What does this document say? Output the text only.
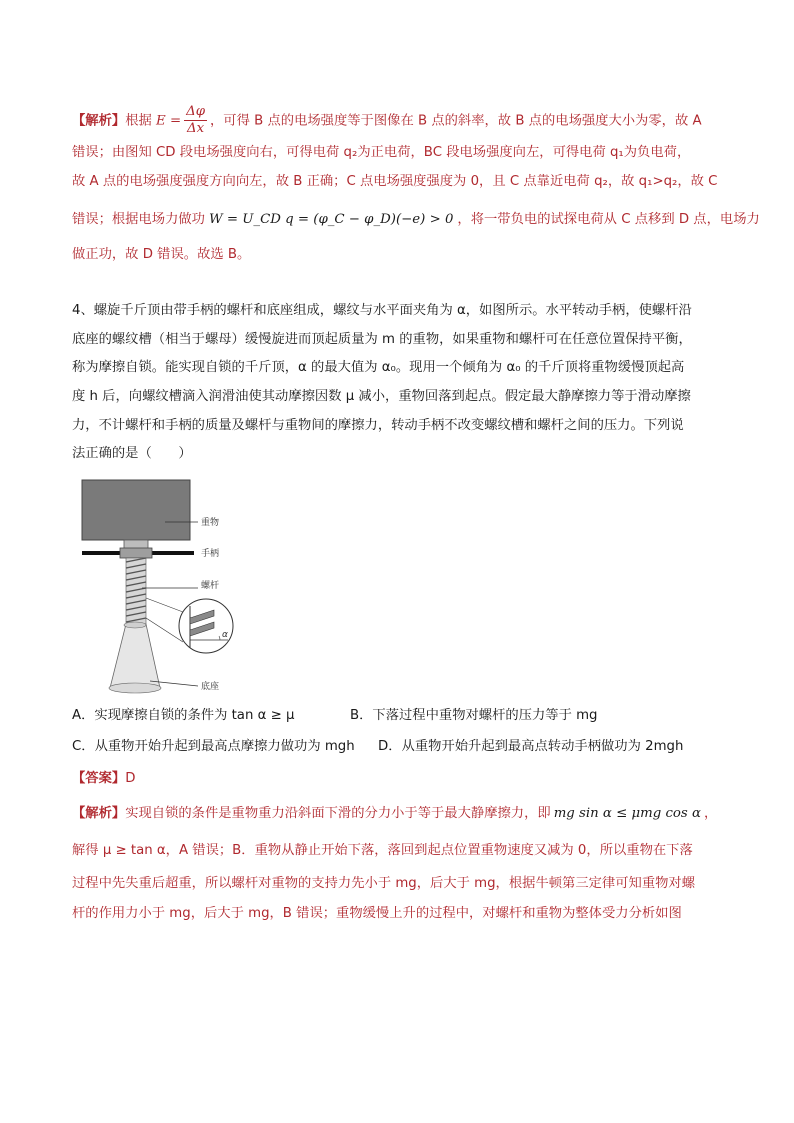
【解析】根据 $E = \frac{\Delta\varphi}{\Delta x}$ ，可得 B 点的电场强度等于图像在 B 点的斜率，故 B 点的电场强度大小为零，故 A
错误；由图知 CD 段电场强度向右，可得电荷 q₂为正电荷，BC 段电场强度向左，可得电荷 q₁为负电荷，
故 A 点的电场强度强度方向向左，故 B 正确；C 点电场强度强度为 0，且 C 点靠近电荷 q₂，故 q₁>q₂，故 C
错误；根据电场力做功 W = U_CD q = (φ_C − φ_D)(−e) > 0 ，将一带负电的试探电荷从 C 点移到 D 点，电场力
做正功，故 D 错误。故选 B。
4、螺旋千斤顶由带手柄的螺杆和底座组成，螺纹与水平面夹角为 α，如图所示。水平转动手柄，使螺杆沿
底座的螺纹槽（相当于螺母）缓慢旋进而顶起质量为 m 的重物，如果重物和螺杆可在任意位置保持平衡，
称为摩擦自锁。能实现自锁的千斤顶，α 的最大值为 α₀。现用一个倾角为 α₀ 的千斤顶将重物缓慢顶起高
度 h 后，向螺纹槽滴入润滑油使其动摩擦因数 μ 减小，重物回落到起点。假定最大静摩擦力等于滑动摩擦
力，不计螺杆和手柄的质量及螺杆与重物间的摩擦力，转动手柄不改变螺纹槽和螺杆之间的压力。下列说
法正确的是（　　）
重物
手柄
螺杆
α
底座
A．实现摩擦自锁的条件为 tan α ≥ μ	B．下落过程中重物对螺杆的压力等于 mg
C．从重物开始升起到最高点摩擦力做功为 mgh D．从重物开始升起到最高点转动手柄做功为 2mgh
【答案】D
【解析】实现自锁的条件是重物重力沿斜面下滑的分力小于等于最大静摩擦力，即 mg sin α ≤ μmg cos α ，
解得 μ ≥ tan α，A 错误；B．重物从静止开始下落，落回到起点位置重物速度又减为 0，所以重物在下落
过程中先失重后超重，所以螺杆对重物的支持力先小于 mg，后大于 mg，根据牛顿第三定律可知重物对螺
杆的作用力小于 mg，后大于 mg，B 错误；重物缓慢上升的过程中，对螺杆和重物为整体受力分析如图
